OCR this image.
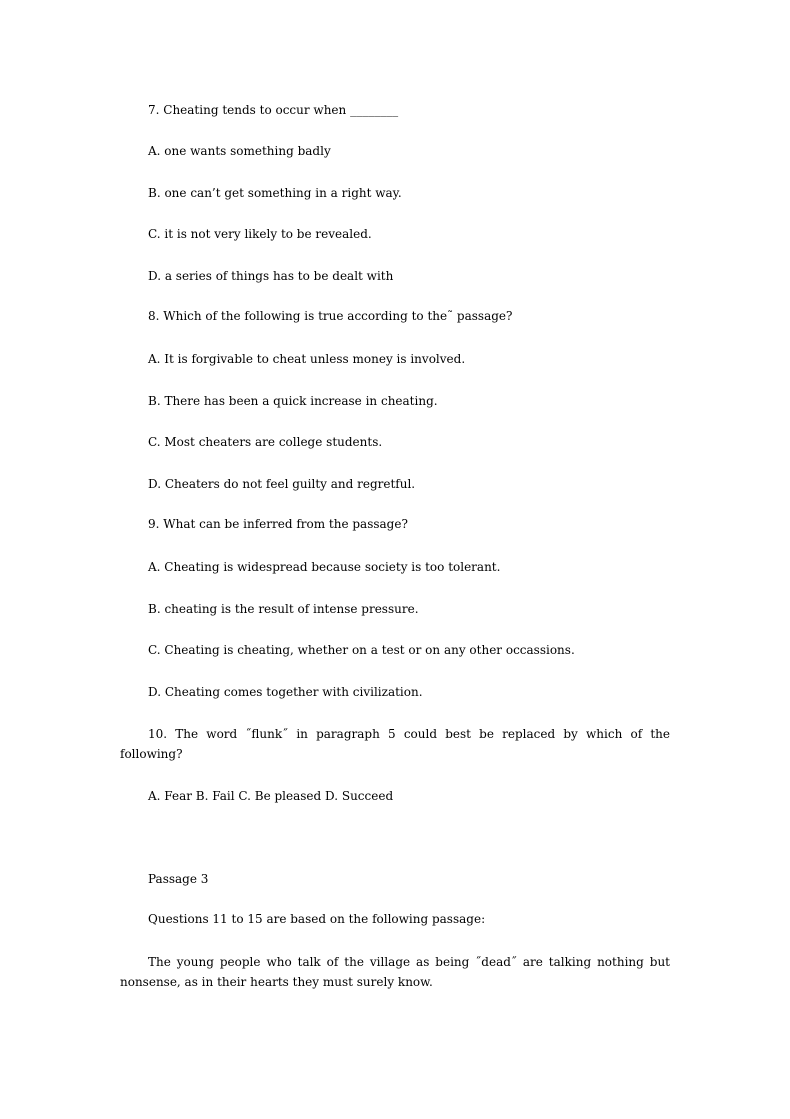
7. Cheating tends to occur when ________
A. one wants something badly
B. one can’t get something in a right way.
C. it is not very likely to be revealed.
D. a series of things has to be dealt with
8. Which of the following is true according to the˜ passage?
A. It is forgivable to cheat unless money is involved.
B. There has been a quick increase in cheating.
C. Most cheaters are college students.
D. Cheaters do not feel guilty and regretful.
9. What can be inferred from the passage?
A. Cheating is widespread because society is too tolerant.
B. cheating is the result of intense pressure.
C. Cheating is cheating, whether on a test or on any other occassions.
D. Cheating comes together with civilization.
10. The word ˝flunk˝ in paragraph 5 could best be replaced by which of the following?
A. Fear B. Fail C. Be pleased D. Succeed
Passage 3
Questions 11 to 15 are based on the following passage:
The young people who talk of the village as being ˝dead˝ are talking nothing but nonsense, as in their hearts they must surely know.
